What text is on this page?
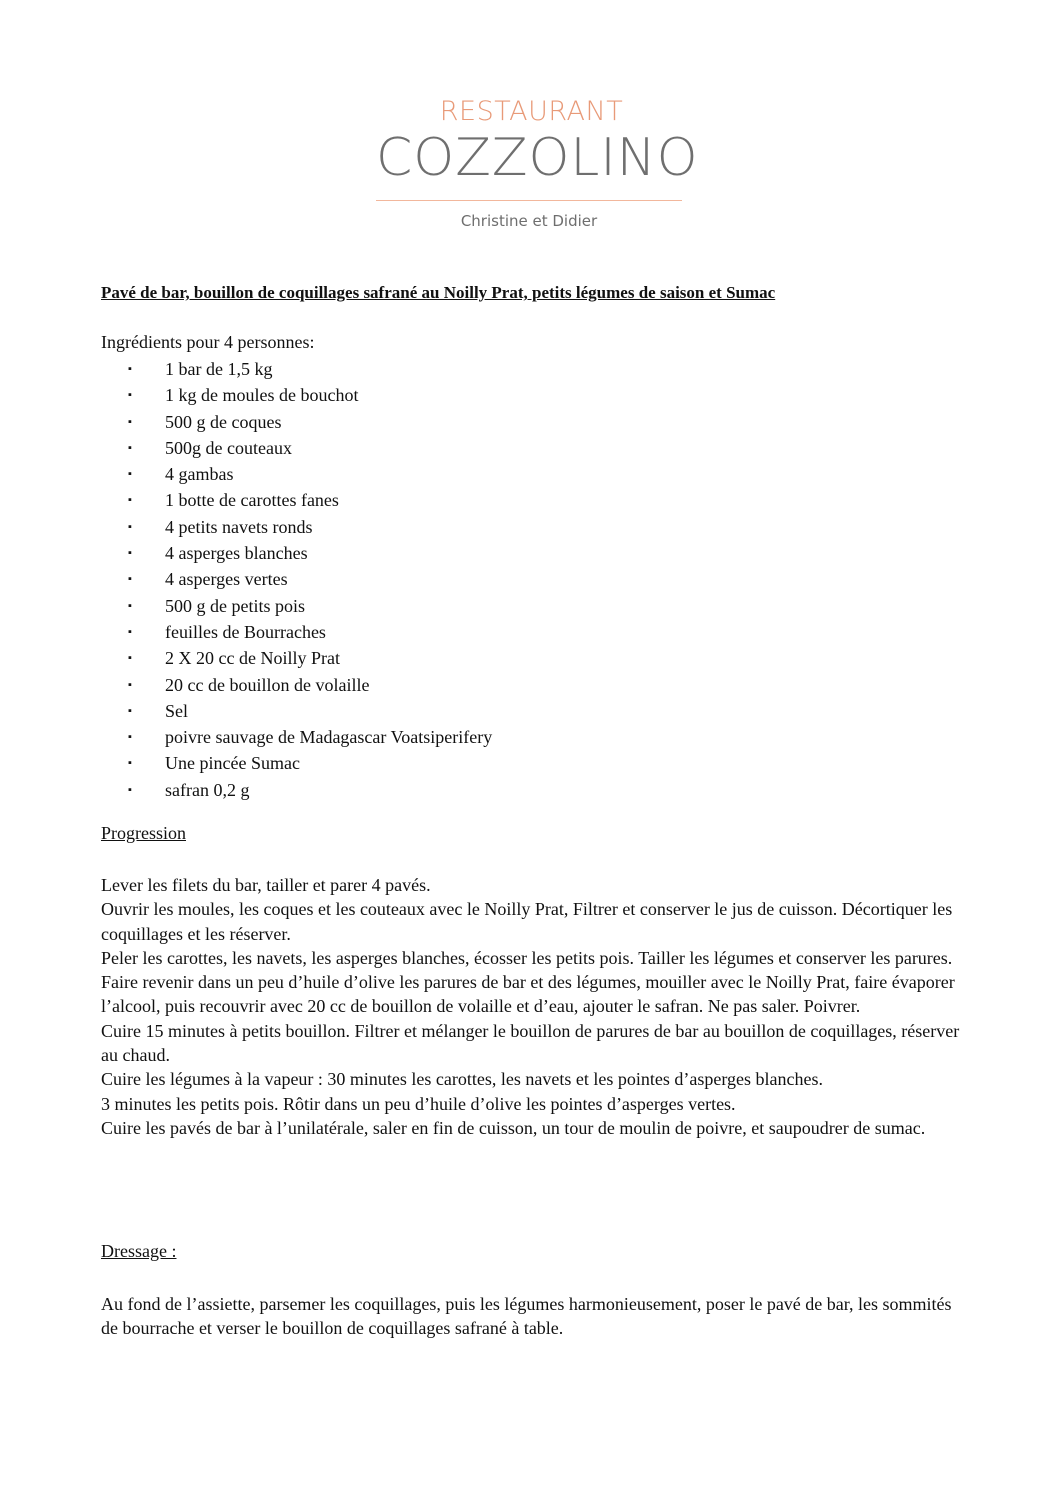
RESTAURANT
COZZOLINO
Christine et Didier
Pavé de bar, bouillon de coquillages safrané au Noilly Prat, petits légumes de saison et Sumac
Ingrédients pour 4 personnes:
▪ 1 bar de 1,5 kg
▪ 1 kg de moules de bouchot
▪ 500 g de coques
▪ 500g de couteaux
▪ 4 gambas
▪ 1 botte de carottes fanes
▪ 4 petits navets ronds
▪ 4 asperges blanches
▪ 4 asperges vertes
▪ 500 g de petits pois
▪ feuilles de Bourraches
▪ 2 X 20 cc de Noilly Prat
▪ 20 cc de bouillon de volaille
▪ Sel
▪ poivre sauvage de Madagascar Voatsiperifery
▪ Une pincée Sumac
▪ safran 0,2 g
Progression

Lever les filets du bar, tailler et parer 4 pavés.

Ouvrir les moules, les coques et les couteaux avec le Noilly Prat, Filtrer et conserver le jus de cuisson. Décortiquer les coquillages et les réserver.

Peler les carottes, les navets, les asperges blanches, écosser les petits pois. Tailler les légumes et conserver les parures.

Faire revenir dans un peu d’huile d’olive les parures de bar et des légumes, mouiller avec le Noilly Prat, faire évaporer l’alcool, puis recouvrir avec 20 cc de bouillon de volaille et d’eau, ajouter le safran. Ne pas saler. Poivrer.

Cuire 15 minutes à petits bouillon. Filtrer et mélanger le bouillon de parures de bar au bouillon de coquillages, réserver au chaud.

Cuire les légumes à la vapeur : 30 minutes les carottes, les navets et les pointes d’asperges blanches.

3 minutes les petits pois. Rôtir dans un peu d’huile d’olive les pointes d’asperges vertes.

Cuire les pavés de bar à l’unilatérale, saler en fin de cuisson, un tour de moulin de poivre, et saupoudrer de sumac.

Dressage :
Au fond de l’assiette, parsemer les coquillages, puis les légumes harmonieusement, poser le pavé de bar, les sommités de bourrache et verser le bouillon de coquillages safrané à table.
